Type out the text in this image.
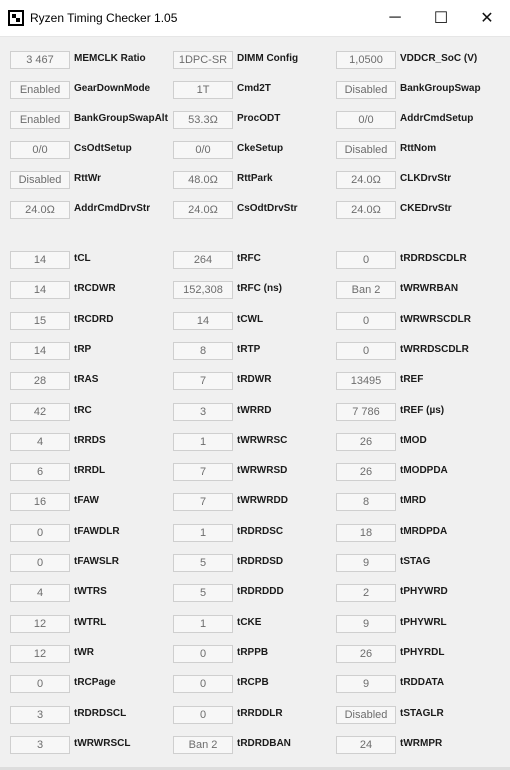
Ryzen Timing Checker 1.05	─ ☐ ✕
3 467	MEMCLK Ratio	1DPC-SR DIMM Config	1,0500	VDDCR_SoC (V)
Enabled	GearDownMode	1T	Cmd2T	Disabled	BankGroupSwap
Enabled	BankGroupSwapAlt	53.3Ω	ProcODT	0/0	AddrCmdSetup
0/0	CsOdtSetup	0/0	CkeSetup	Disabled	RttNom
Disabled	RttWr	48.0Ω	RttPark	24.0Ω	CLKDrvStr
24.0Ω	AddrCmdDrvStr	24.0Ω	CsOdtDrvStr	24.0Ω	CKEDrvStr
14	tCL	264	tRFC	0	tRDRDSCDLR
14	tRCDWR	152,308	tRFC (ns)	Ban 2	tWRWRBAN
15	tRCDRD	14	tCWL	0	tWRWRSCDLR
14	tRP	8	tRTP	0	tWRRDSCDLR
28	tRAS	7	tRDWR	13495	tREF
42	tRC	3	tWRRD	7 786	tREF (µs)
4	tRRDS	1	tWRWRSC	26	tMOD
6	tRRDL	7	tWRWRSD	26	tMODPDA
16	tFAW	7	tWRWRDD	8	tMRD
0	tFAWDLR	1	tRDRDSC	18	tMRDPDA
0	tFAWSLR	5	tRDRDSD	9	tSTAG
4	tWTRS	5	tRDRDDD	2	tPHYWRD
12	tWTRL	1	tCKE	9	tPHYWRL
12	tWR	0	tRPPB	26	tPHYRDL
0	tRCPage	0	tRCPB	9	tRDDATA
3	tRDRDSCL	0	tRRDDLR	Disabled	tSTAGLR
3	tWRWRSCL	Ban 2	tRDRDBAN	24	tWRMPR
